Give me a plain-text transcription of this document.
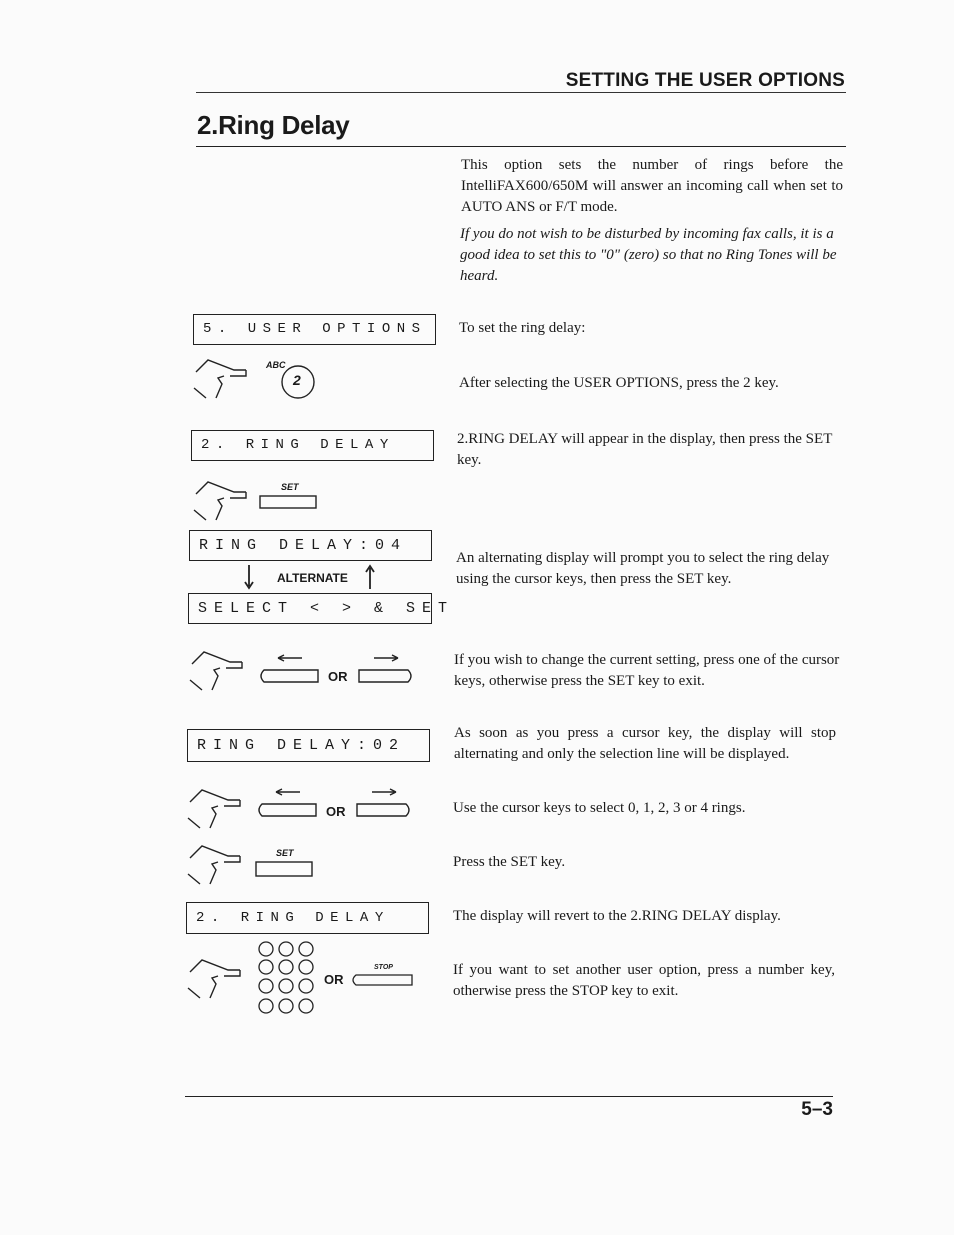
SETTING THE USER OPTIONS
2.Ring Delay
This option sets the number of rings before the IntelliFAX600/650M will answer an incoming call when set to AUTO ANS or F/T mode.
If you do not wish to be disturbed by incoming fax calls, it is a good idea to set this to "0" (zero) so that no Ring Tones will be heard.
5. USER OPTIONS	To set the ring delay:
ABC
2	After selecting the USER OPTIONS, press the 2 key.
2. RING DELAY	2.RING DELAY will appear in the display, then press the SET key.
SET
RING DELAY:04
ALTERNATE
SELECT < > & SET
An alternating display will prompt you to select the ring delay using the cursor keys, then press the SET key.
OR
If you wish to change the current setting, press one of the cursor keys, otherwise press the SET key to exit.
RING DELAY:02
As soon as you press a cursor key, the display will stop alternating and only the selection line will be displayed.
OR	Use the cursor keys to select 0, 1, 2, 3 or 4 rings.
SET
Press the SET key.
2. RING DELAY	The display will revert to the 2.RING DELAY display.
OR
STOP	If you want to set another user option, press a number key, otherwise press the STOP key to exit.
5–3
